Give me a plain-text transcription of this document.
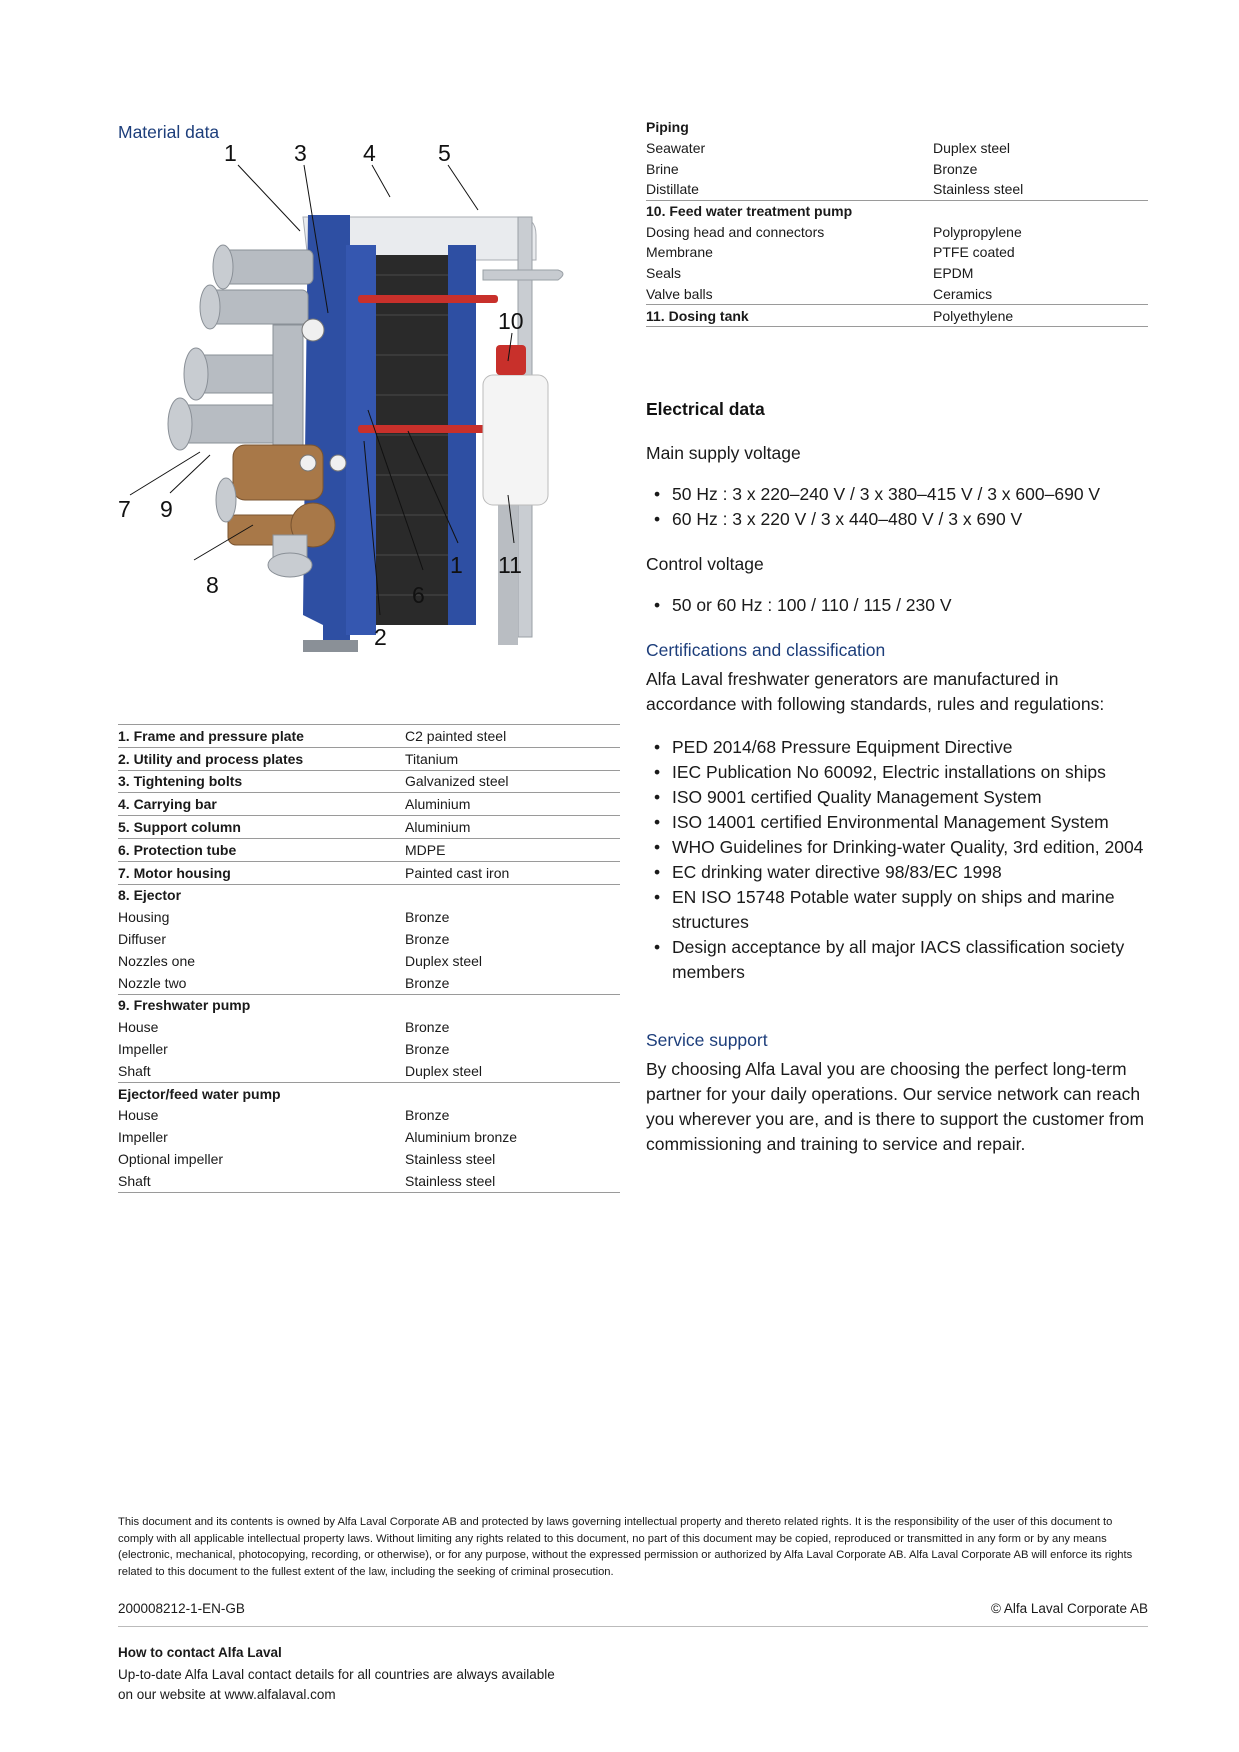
Material data
1 3 4	5
10
7 9
8	6
2
1 11
1. Frame and pressure plate	C2 painted steel
2. Utility and process plates	Titanium
3. Tightening bolts	Galvanized steel
4. Carrying bar	Aluminium
5. Support column	Aluminium
6. Protection tube	MDPE
7. Motor housing	Painted cast iron
8. Ejector
Housing	Bronze
Diffuser	Bronze
Nozzles one	Duplex steel
Nozzle two	Bronze
9. Freshwater pump
House	Bronze
Impeller	Bronze
Shaft	Duplex steel
Ejector/feed water pump
House	Bronze
Impeller	Aluminium bronze
Optional impeller	Stainless steel
Shaft	Stainless steel
Piping
Seawater	Duplex steel
Brine	Bronze
Distillate	Stainless steel
10. Feed water treatment pump
Dosing head and connectors	Polypropylene
Membrane	PTFE coated
Seals	EPDM
Valve balls	Ceramics
11. Dosing tank	Polyethylene
Electrical data

Main supply voltage

• 50 Hz : 3 x 220–240 V / 3 x 380–415 V / 3 x 600–690 V
• 60 Hz : 3 x 220 V / 3 x 440–480 V / 3 x 690 V

Control voltage

• 50 or 60 Hz : 100 / 110 / 115 / 230 V
Certifications and classification

Alfa Laval freshwater generators are manufactured in accordance with following standards, rules and regulations:

• PED 2014/68 Pressure Equipment Directive
• IEC Publication No 60092, Electric installations on ships
• ISO 9001 certified Quality Management System
• ISO 14001 certified Environmental Management System
• WHO Guidelines for Drinking-water Quality, 3rd edition, 2004
• EC drinking water directive 98/83/EC 1998
• EN ISO 15748 Potable water supply on ships and marine structures
• Design acceptance by all major IACS classification society members
Service support

By choosing Alfa Laval you are choosing the perfect long-term partner for your daily operations. Our service network can reach you wherever you are, and is there to support the customer from commissioning and training to service and repair.

This document and its contents is owned by Alfa Laval Corporate AB and protected by laws governing intellectual property and thereto related rights. It is the responsibility of the user of this document to comply with all applicable intellectual property laws. Without limiting any rights related to this document, no part of this document may be copied, reproduced or transmitted in any form or by any means (electronic, mechanical, photocopying, recording, or otherwise), or for any purpose, without the expressed permission or authorized by Alfa Laval Corporate AB. Alfa Laval Corporate AB will enforce its rights related to this document to the fullest extent of the law, including the seeking of criminal prosecution.

200008212-1-EN-GB	© Alfa Laval Corporate AB
How to contact Alfa Laval

Up-to-date Alfa Laval contact details for all countries are always available
on our website at www.alfalaval.com
